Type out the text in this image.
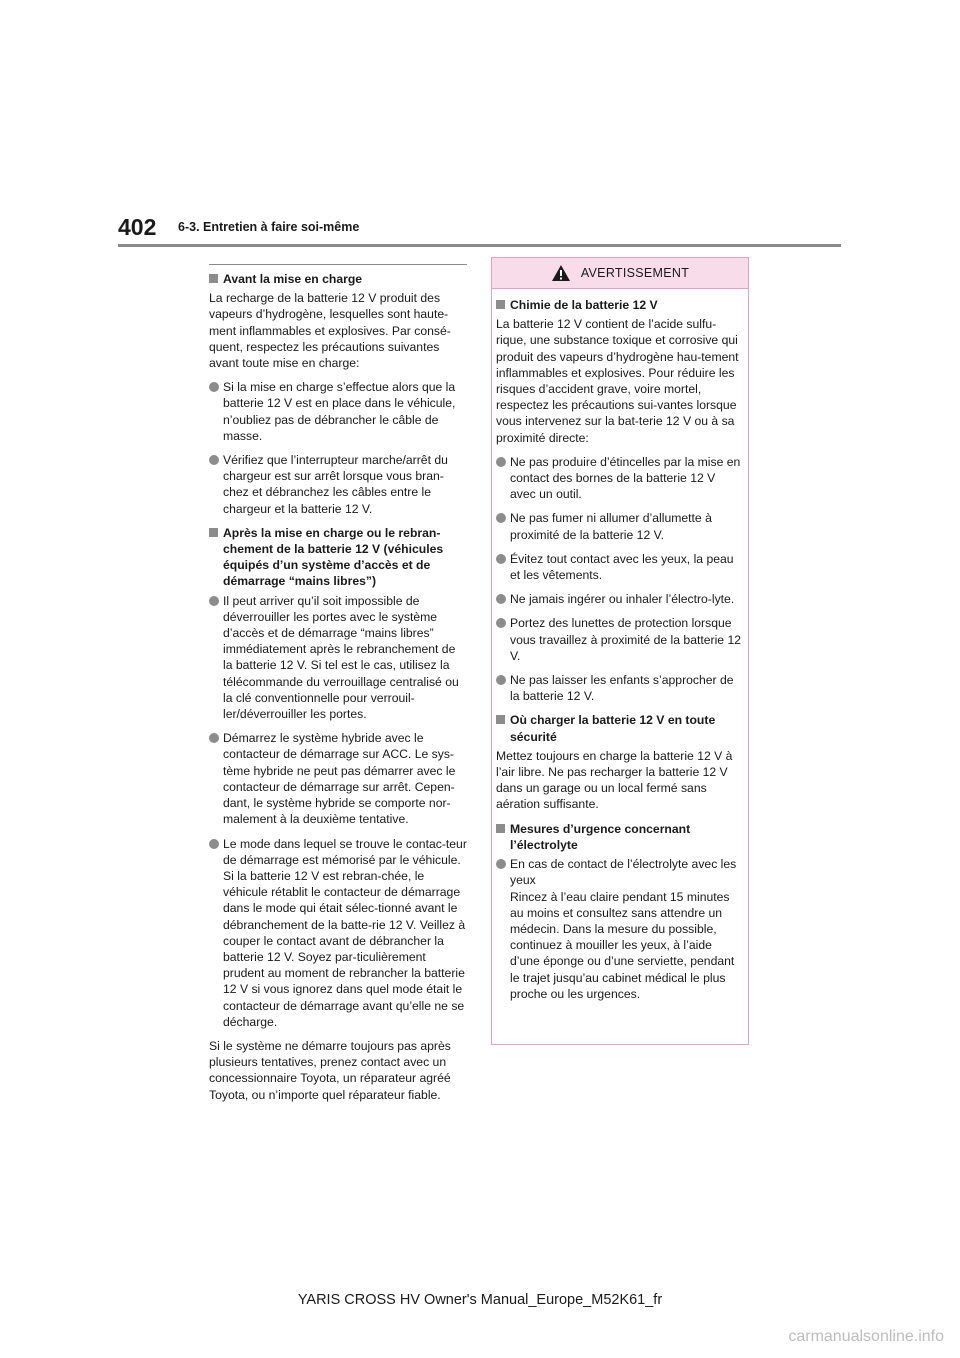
402 6-3. Entretien à faire soi-même

Avant la mise en charge

La recharge de la batterie 12 V produit des vapeurs d’hydrogène, lesquelles sont haute-ment inflammables et explosives. Par consé-quent, respectez les précautions suivantes avant toute mise en charge:

Si la mise en charge s’effectue alors que la batterie 12 V est en place dans le véhicule, n’oubliez pas de débrancher le câble de masse.

Vérifiez que l’interrupteur marche/arrêt du chargeur est sur arrêt lorsque vous bran-chez et débranchez les câbles entre le chargeur et la batterie 12 V.

Après la mise en charge ou le rebran-chement de la batterie 12 V (véhicules équipés d’un système d’accès et de démarrage “mains libres”)

Il peut arriver qu’il soit impossible de déverrouiller les portes avec le système d’accès et de démarrage “mains libres” immédiatement après le rebranchement de la batterie 12 V. Si tel est le cas, utilisez la télécommande du verrouillage centralisé ou la clé conventionnelle pour verrouil-ler/déverrouiller les portes.

Démarrez le système hybride avec le contacteur de démarrage sur ACC. Le sys-tème hybride ne peut pas démarrer avec le contacteur de démarrage sur arrêt. Cepen-dant, le système hybride se comporte nor-malement à la deuxième tentative.

Le mode dans lequel se trouve le contac-teur de démarrage est mémorisé par le véhicule. Si la batterie 12 V est rebran-chée, le véhicule rétablit le contacteur de démarrage dans le mode qui était sélec-tionné avant le débranchement de la batte-rie 12 V. Veillez à couper le contact avant de débrancher la batterie 12 V. Soyez par-ticulièrement prudent au moment de rebrancher la batterie 12 V si vous ignorez dans quel mode était le contacteur de démarrage avant qu’elle ne se décharge.

Si le système ne démarre toujours pas après plusieurs tentatives, prenez contact avec un concessionnaire Toyota, un réparateur agréé Toyota, ou n’importe quel réparateur fiable.

AVERTISSEMENT

Chimie de la batterie 12 V

La batterie 12 V contient de l’acide sulfu-rique, une substance toxique et corrosive qui produit des vapeurs d’hydrogène hau-tement inflammables et explosives. Pour réduire les risques d’accident grave, voire mortel, respectez les précautions sui-vantes lorsque vous intervenez sur la bat-terie 12 V ou à sa proximité directe:

Ne pas produire d’étincelles par la mise en contact des bornes de la batterie 12 V avec un outil.

Ne pas fumer ni allumer d’allumette à proximité de la batterie 12 V.

Évitez tout contact avec les yeux, la peau et les vêtements.

Ne jamais ingérer ou inhaler l’électro-lyte.

Portez des lunettes de protection lorsque vous travaillez à proximité de la batterie 12 V.

Ne pas laisser les enfants s’approcher de la batterie 12 V.

Où charger la batterie 12 V en toute sécurité

Mettez toujours en charge la batterie 12 V à l’air libre. Ne pas recharger la batterie 12 V dans un garage ou un local fermé sans aération suffisante.

Mesures d’urgence concernant l’électrolyte

En cas de contact de l’électrolyte avec les yeux
Rincez à l’eau claire pendant 15 minutes au moins et consultez sans attendre un médecin. Dans la mesure du possible, continuez à mouiller les yeux, à l’aide d’une éponge ou d’une serviette, pendant le trajet jusqu’au cabinet médical le plus proche ou les urgences.
YARIS CROSS HV Owner's Manual_Europe_M52K61_fr
carmanualsonline.info
